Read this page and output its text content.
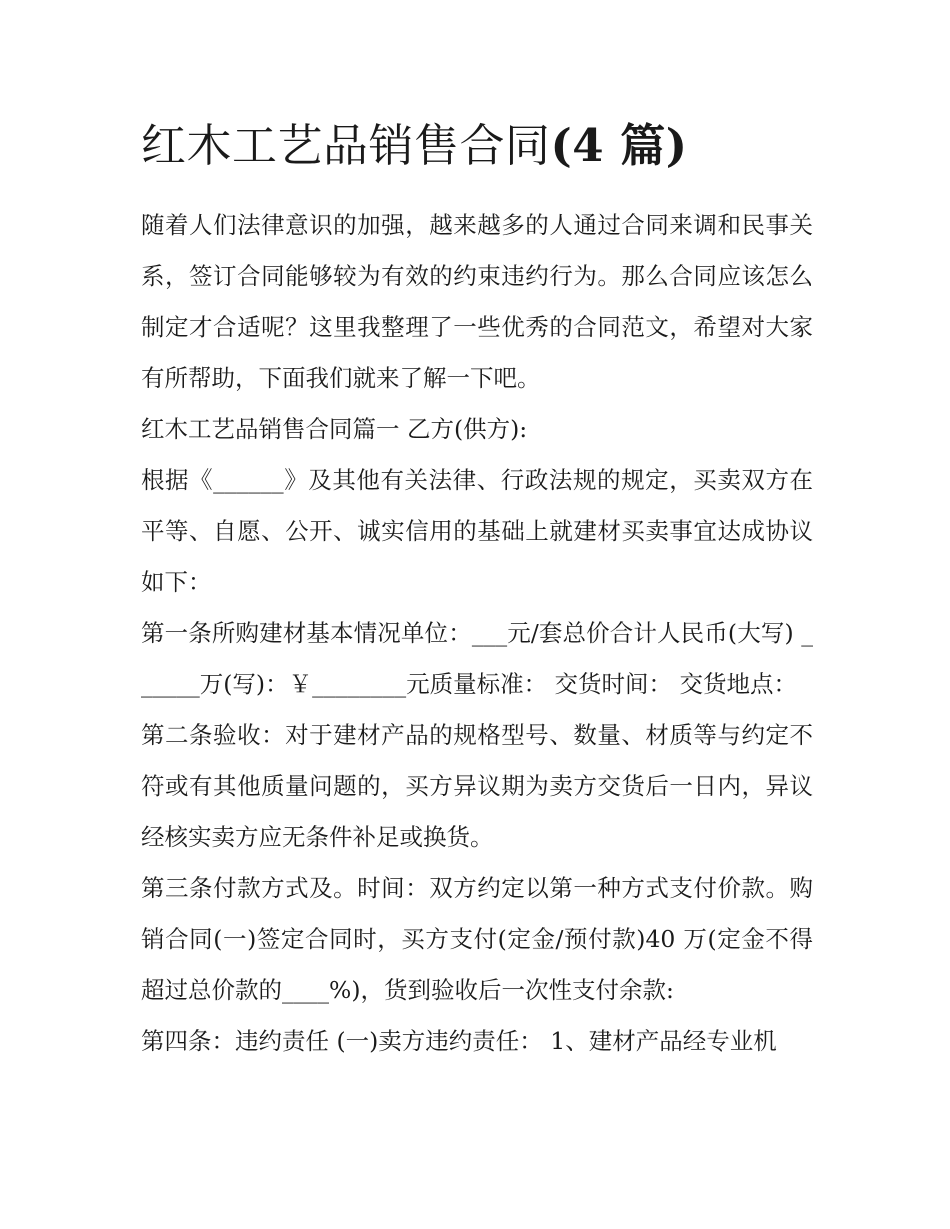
红木工艺品销售合同(4 篇)

随着人们法律意识的加强，越来越多的人通过合同来调和民事关系，签订合同能够较为有效的约束违约行为。那么合同应该怎么制定才合适呢？这里我整理了一些优秀的合同范文，希望对大家有所帮助，下面我们就来了解一下吧。

红木工艺品销售合同篇一 乙方(供方):

根据《______》及其他有关法律、行政法规的规定，买卖双方在平等、自愿、公开、诚实信用的基础上就建材买卖事宜达成协议如下：

第一条所购建材基本情况单位：___元/套总价合计人民币(大写) ______万(写)：￥________元质量标准： 交货时间： 交货地点：

第二条验收：对于建材产品的规格型号、数量、材质等与约定不符或有其他质量问题的，买方异议期为卖方交货后一日内，异议经核实卖方应无条件补足或换货。

第三条付款方式及。时间：双方约定以第一种方式支付价款。购销合同(一)签定合同时，买方支付(定金/预付款)40 万(定金不得超过总价款的____%)，货到验收后一次性支付余款:

第四条：违约责任 (一)卖方违约责任： 1、建材产品经专业机
